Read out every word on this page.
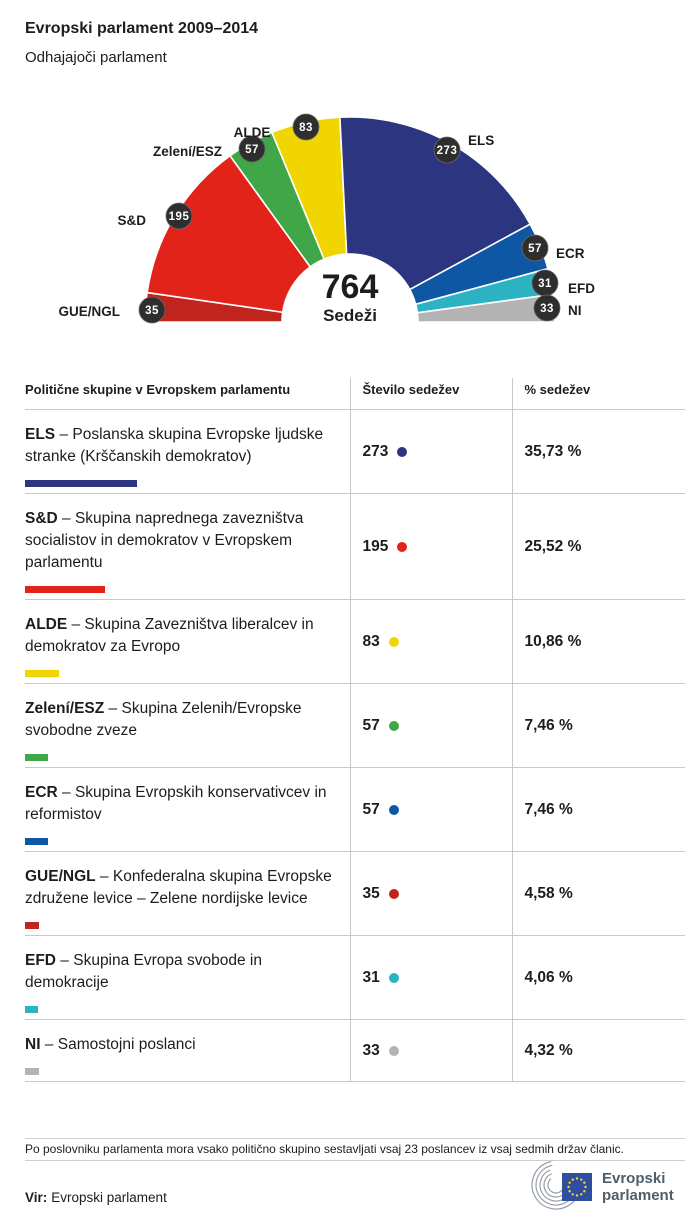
Evropski parlament 2009–2014

Odhajajoči parlament

35
195
57
83
273
57
31
33
GUE/NGL
S&D
Zelení/ESZ
ALDE
ELS
ECR
EFD
NI
764
Sedeži
Politične skupine v Evropskem parlamentu	Število sedežev	% sedežev
ELS – Poslanska skupina Evropske ljudske stranke (Krščanskih demokratov)	273	35,73 %
S&D – Skupina naprednega zavezništva socialistov in demokratov v Evropskem parlamentu	195	25,52 %
ALDE – Skupina Zavezništva liberalcev in demokratov za Evropo	83	10,86 %
Zelení/ESZ – Skupina Zelenih/Evropske svobodne zveze	57	7,46 %
ECR – Skupina Evropskih konservativcev in reformistov	57	7,46 %
GUE/NGL – Konfederalna skupina Evropske združene levice – Zelene nordijske levice	35	4,58 %
EFD – Skupina Evropa svobode in demokracije	31	4,06 %
NI – Samostojni poslanci	33	4,32 %
Po poslovniku parlamenta mora vsako politično skupino sestavljati vsaj 23 poslancev iz vsaj sedmih držav članic.
Vir: Evropski parlament
Evropski
parlament
